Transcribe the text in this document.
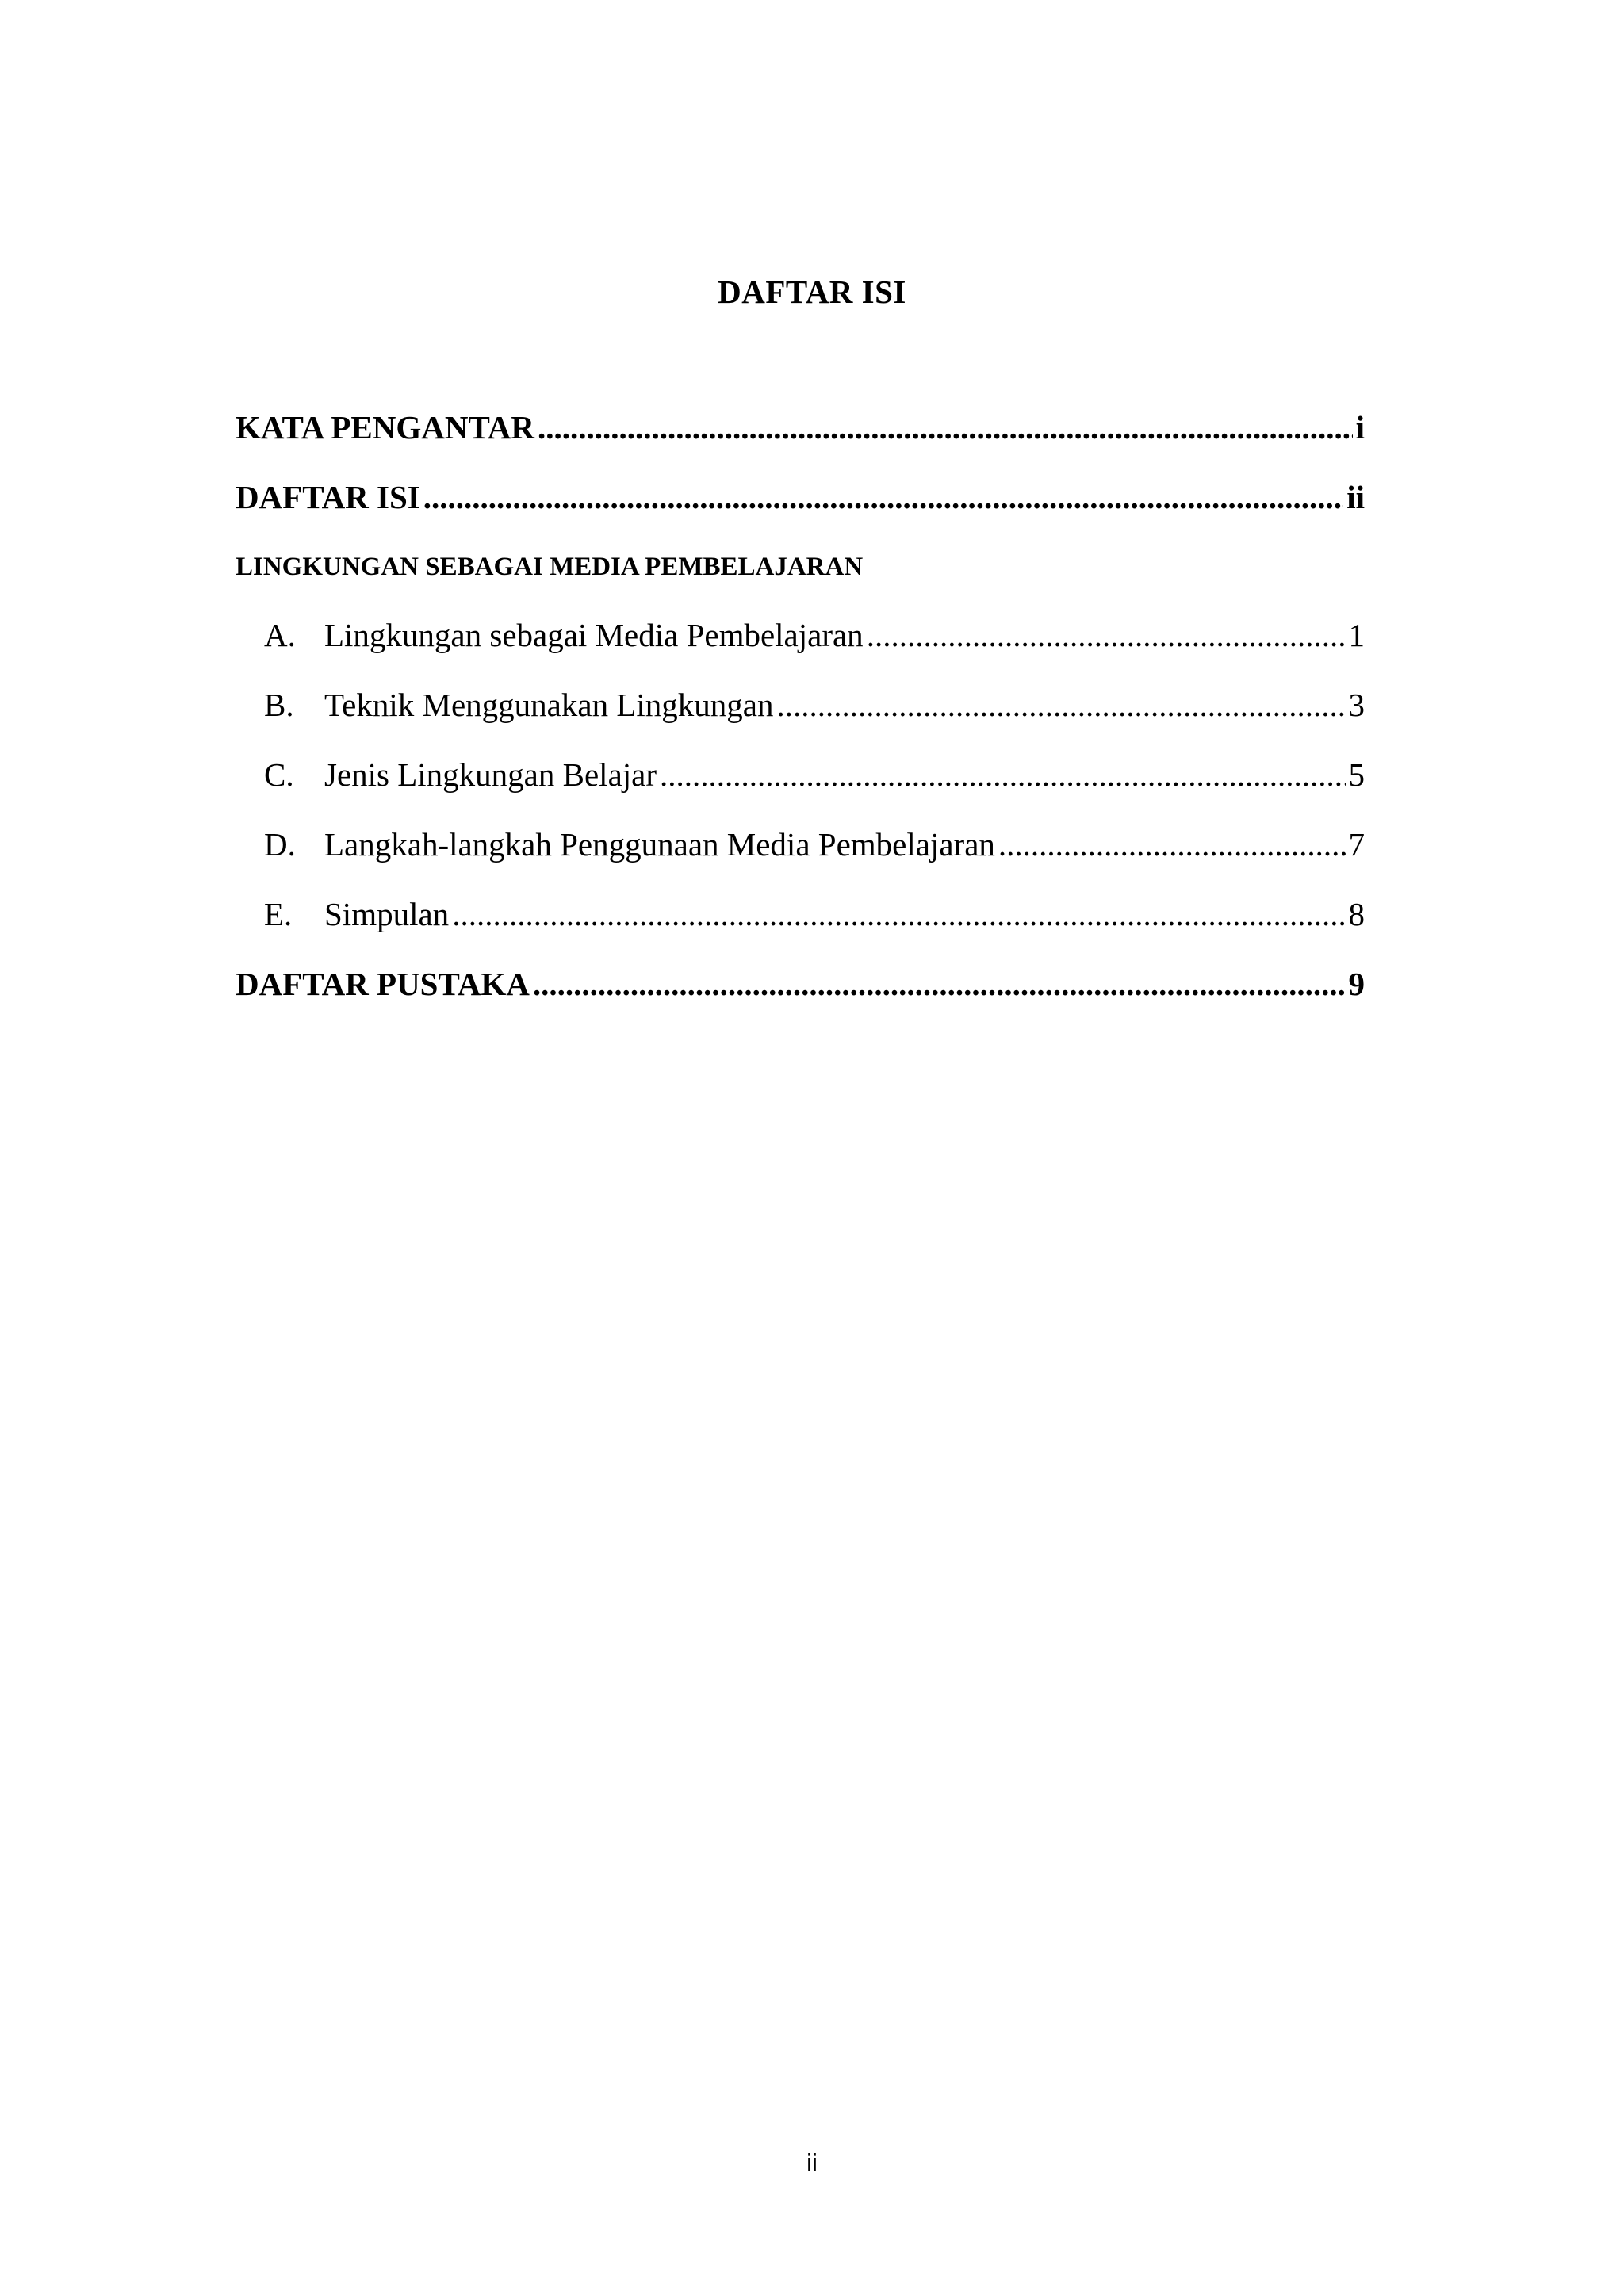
DAFTAR ISI
KATA PENGANTAR .....	i
DAFTAR ISI .....	ii
LINGKUNGAN SEBAGAI MEDIA PEMBELAJARAN
A. Lingkungan sebagai Media Pembelajaran .....	1
B. Teknik Menggunakan Lingkungan .....	3
C. Jenis Lingkungan Belajar .....	5
D. Langkah-langkah Penggunaan Media Pembelajaran .....	7
E. Simpulan .....	8
DAFTAR PUSTAKA .....	9
ii
